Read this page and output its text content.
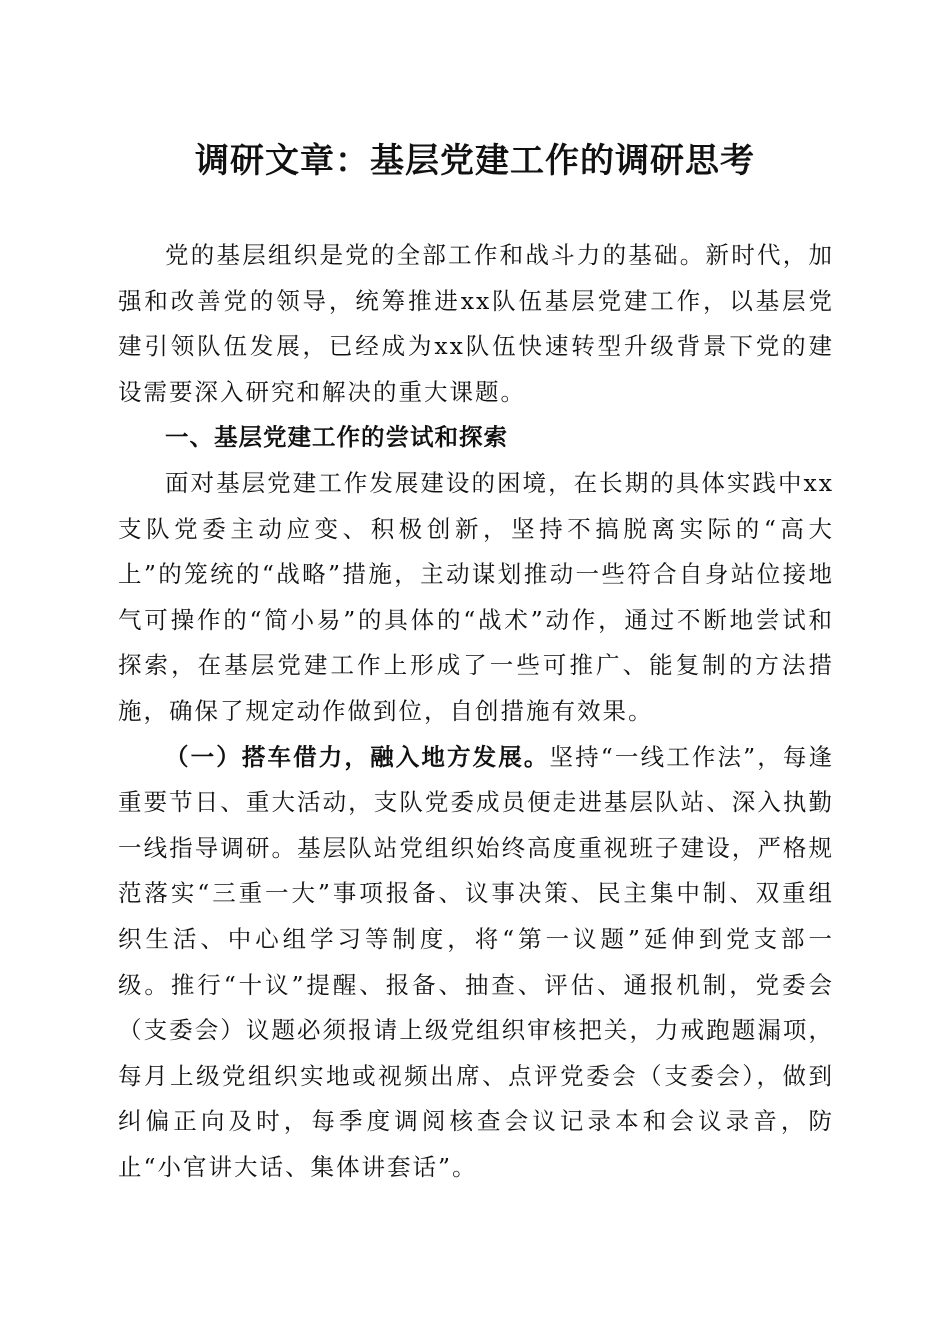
调研文章：基层党建工作的调研思考

党的基层组织是党的全部工作和战斗力的基础。新时代，加强和改善党的领导，统筹推进xx队伍基层党建工作，以基层党建引领队伍发展，已经成为xx队伍快速转型升级背景下党的建设需要深入研究和解决的重大课题。

一、基层党建工作的尝试和探索

面对基层党建工作发展建设的困境，在长期的具体实践中xx支队党委主动应变、积极创新，坚持不搞脱离实际的“高大上”的笼统的“战略”措施，主动谋划推动一些符合自身站位接地气可操作的“简小易”的具体的“战术”动作，通过不断地尝试和探索，在基层党建工作上形成了一些可推广、能复制的方法措施，确保了规定动作做到位，自创措施有效果。

（一）搭车借力，融入地方发展。坚持“一线工作法”，每逢重要节日、重大活动，支队党委成员便走进基层队站、深入执勤一线指导调研。基层队站党组织始终高度重视班子建设，严格规范落实“三重一大”事项报备、议事决策、民主集中制、双重组织生活、中心组学习等制度，将“第一议题”延伸到党支部一级。推行“十议”提醒、报备、抽查、评估、通报机制，党委会（支委会）议题必须报请上级党组织审核把关，力戒跑题漏项，每月上级党组织实地或视频出席、点评党委会（支委会），做到纠偏正向及时，每季度调阅核查会议记录本和会议录音，防止“小官讲大话、集体讲套话”。
